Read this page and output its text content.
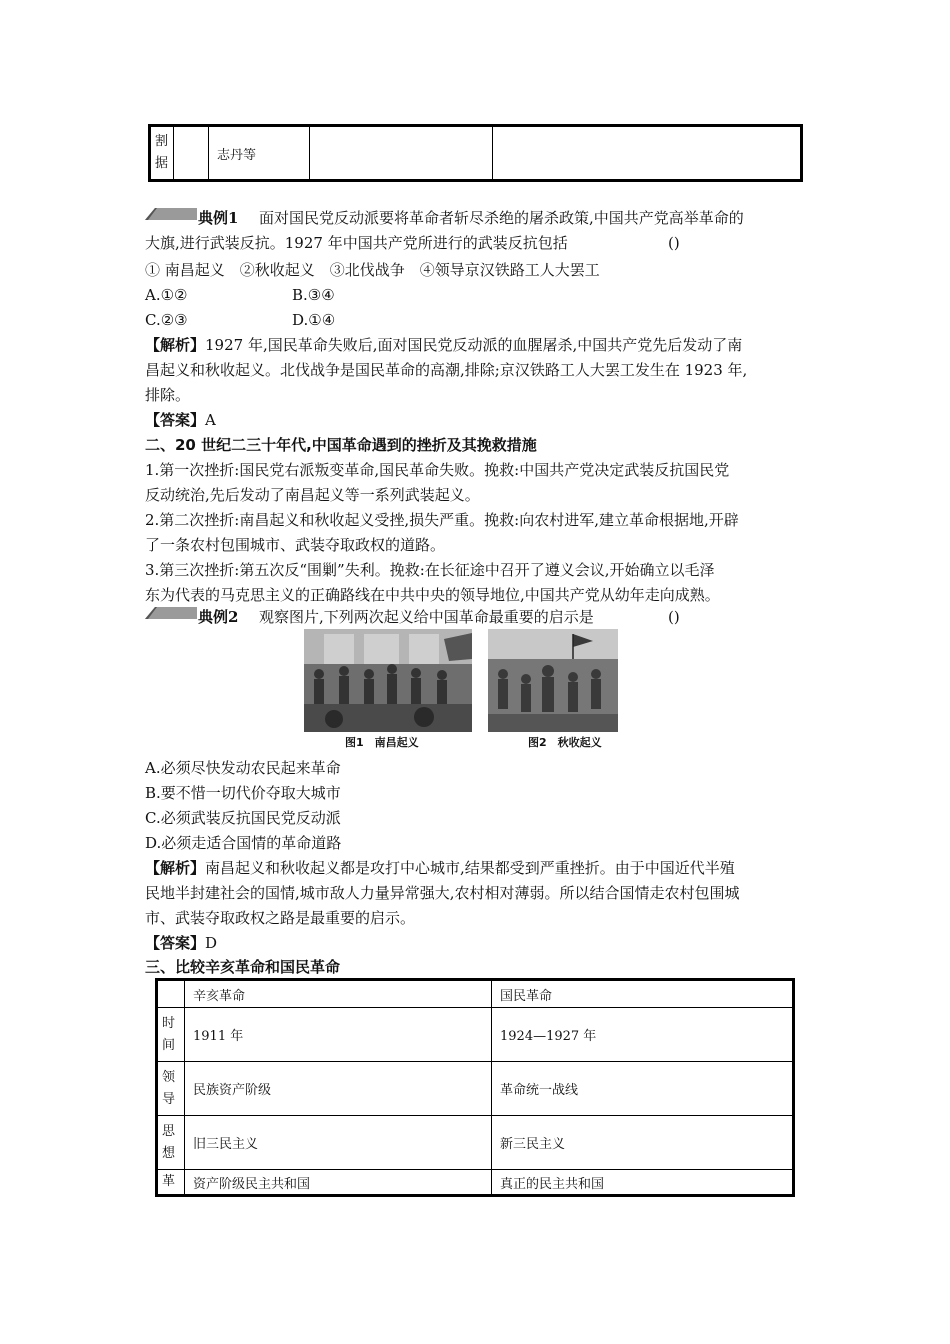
割
据		志丹等		
典例1 面对国民党反动派要将革命者斩尽杀绝的屠杀政策,中国共产党高举革命的
大旗,进行武装反抗。1927 年中国共产党所进行的武装反抗包括	()
① 南昌起义　②秋收起义　③北伐战争　④领导京汉铁路工人大罢工
A.①②	B.③④
C.②③	D.①④
【解析】1927 年,国民革命失败后,面对国民党反动派的血腥屠杀,中国共产党先后发动了南
昌起义和秋收起义。北伐战争是国民革命的高潮,排除;京汉铁路工人大罢工发生在 1923 年,
排除。
【答案】A
二、20 世纪二三十年代,中国革命遇到的挫折及其挽救措施
1.第一次挫折:国民党右派叛变革命,国民革命失败。挽救:中国共产党决定武装反抗国民党
反动统治,先后发动了南昌起义等一系列武装起义。
2.第二次挫折:南昌起义和秋收起义受挫,损失严重。挽救:向农村进军,建立革命根据地,开辟
了一条农村包围城市、武装夺取政权的道路。
3.第三次挫折:第五次反“围剿”失利。挽救:在长征途中召开了遵义会议,开始确立以毛泽
东为代表的马克思主义的正确路线在中共中央的领导地位,中国共产党从幼年走向成熟。
典例2 观察图片,下列两次起义给中国革命最重要的启示是	()
图1　南昌起义	图2　秋收起义
A.必须尽快发动农民起来革命
B.要不惜一切代价夺取大城市
C.必须武装反抗国民党反动派
D.必须走适合国情的革命道路
【解析】南昌起义和秋收起义都是攻打中心城市,结果都受到严重挫折。由于中国近代半殖
民地半封建社会的国情,城市敌人力量异常强大,农村相对薄弱。所以结合国情走农村包围城
市、武装夺取政权之路是最重要的启示。
【答案】D
三、比较辛亥革命和国民革命
	辛亥革命	国民革命
时
间	1911 年	1924—1927 年
领
导	民族资产阶级	革命统一战线
思
想	旧三民主义	新三民主义
革	资产阶级民主共和国	真正的民主共和国
